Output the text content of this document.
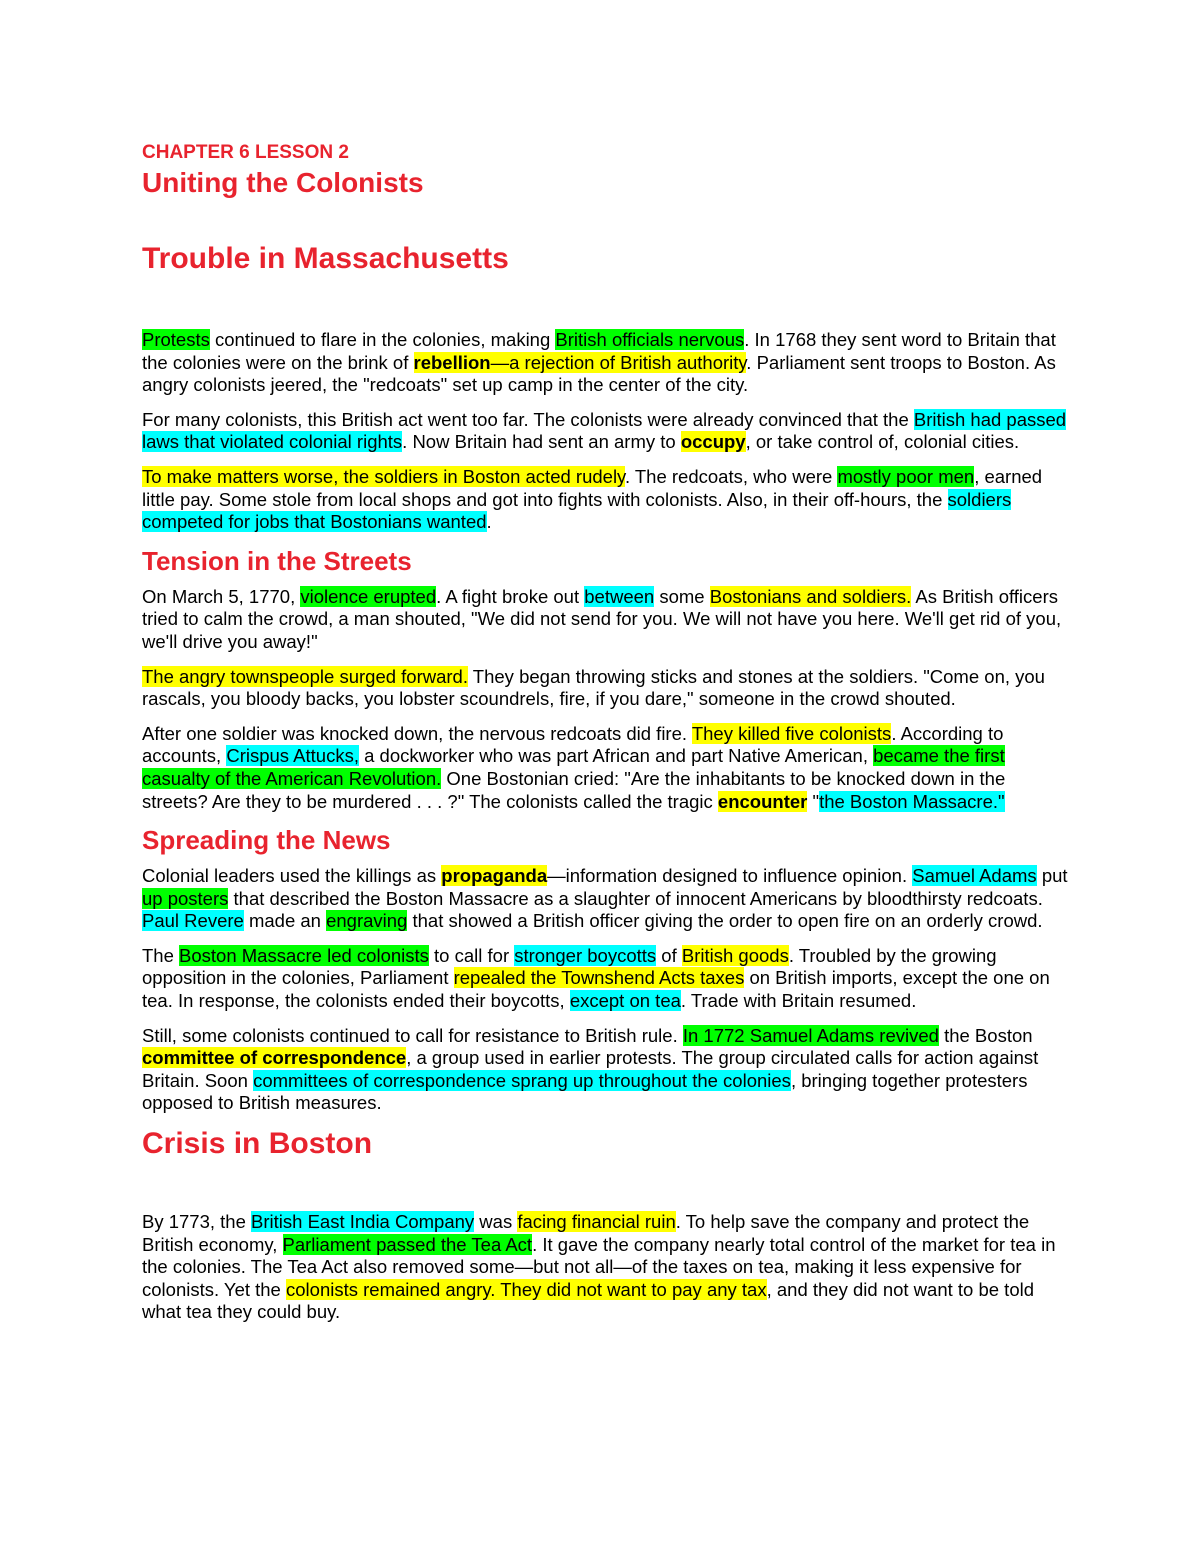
CHAPTER 6 LESSON 2
Uniting the Colonists
Trouble in Massachusetts

Protests continued to flare in the colonies, making British officials nervous. In 1768 they sent word to Britain that the colonies were on the brink of rebellion—a rejection of British authority. Parliament sent troops to Boston. As angry colonists jeered, the "redcoats" set up camp in the center of the city.

For many colonists, this British act went too far. The colonists were already convinced that the British had passed laws that violated colonial rights. Now Britain had sent an army to occupy, or take control of, colonial cities.

To make matters worse, the soldiers in Boston acted rudely. The redcoats, who were mostly poor men, earned little pay. Some stole from local shops and got into fights with colonists. Also, in their off-hours, the soldiers competed for jobs that Bostonians wanted.

Tension in the Streets

On March 5, 1770, violence erupted. A fight broke out between some Bostonians and soldiers. As British officers tried to calm the crowd, a man shouted, "We did not send for you. We will not have you here. We'll get rid of you, we'll drive you away!"

The angry townspeople surged forward. They began throwing sticks and stones at the soldiers. "Come on, you rascals, you bloody backs, you lobster scoundrels, fire, if you dare," someone in the crowd shouted.

After one soldier was knocked down, the nervous redcoats did fire. They killed five colonists. According to accounts, Crispus Attucks, a dockworker who was part African and part Native American, became the first casualty of the American Revolution. One Bostonian cried: "Are the inhabitants to be knocked down in the streets? Are they to be murdered . . . ?" The colonists called the tragic encounter "the Boston Massacre."

Spreading the News

Colonial leaders used the killings as propaganda—information designed to influence opinion. Samuel Adams put up posters that described the Boston Massacre as a slaughter of innocent Americans by bloodthirsty redcoats. Paul Revere made an engraving that showed a British officer giving the order to open fire on an orderly crowd.

The Boston Massacre led colonists to call for stronger boycotts of British goods. Troubled by the growing opposition in the colonies, Parliament repealed the Townshend Acts taxes on British imports, except the one on tea. In response, the colonists ended their boycotts, except on tea. Trade with Britain resumed.

Still, some colonists continued to call for resistance to British rule. In 1772 Samuel Adams revived the Boston committee of correspondence, a group used in earlier protests. The group circulated calls for action against Britain. Soon committees of correspondence sprang up throughout the colonies, bringing together protesters opposed to British measures.

Crisis in Boston

By 1773, the British East India Company was facing financial ruin. To help save the company and protect the British economy, Parliament passed the Tea Act. It gave the company nearly total control of the market for tea in the colonies. The Tea Act also removed some—but not all—of the taxes on tea, making it less expensive for colonists. Yet the colonists remained angry. They did not want to pay any tax, and they did not want to be told what tea they could buy.
